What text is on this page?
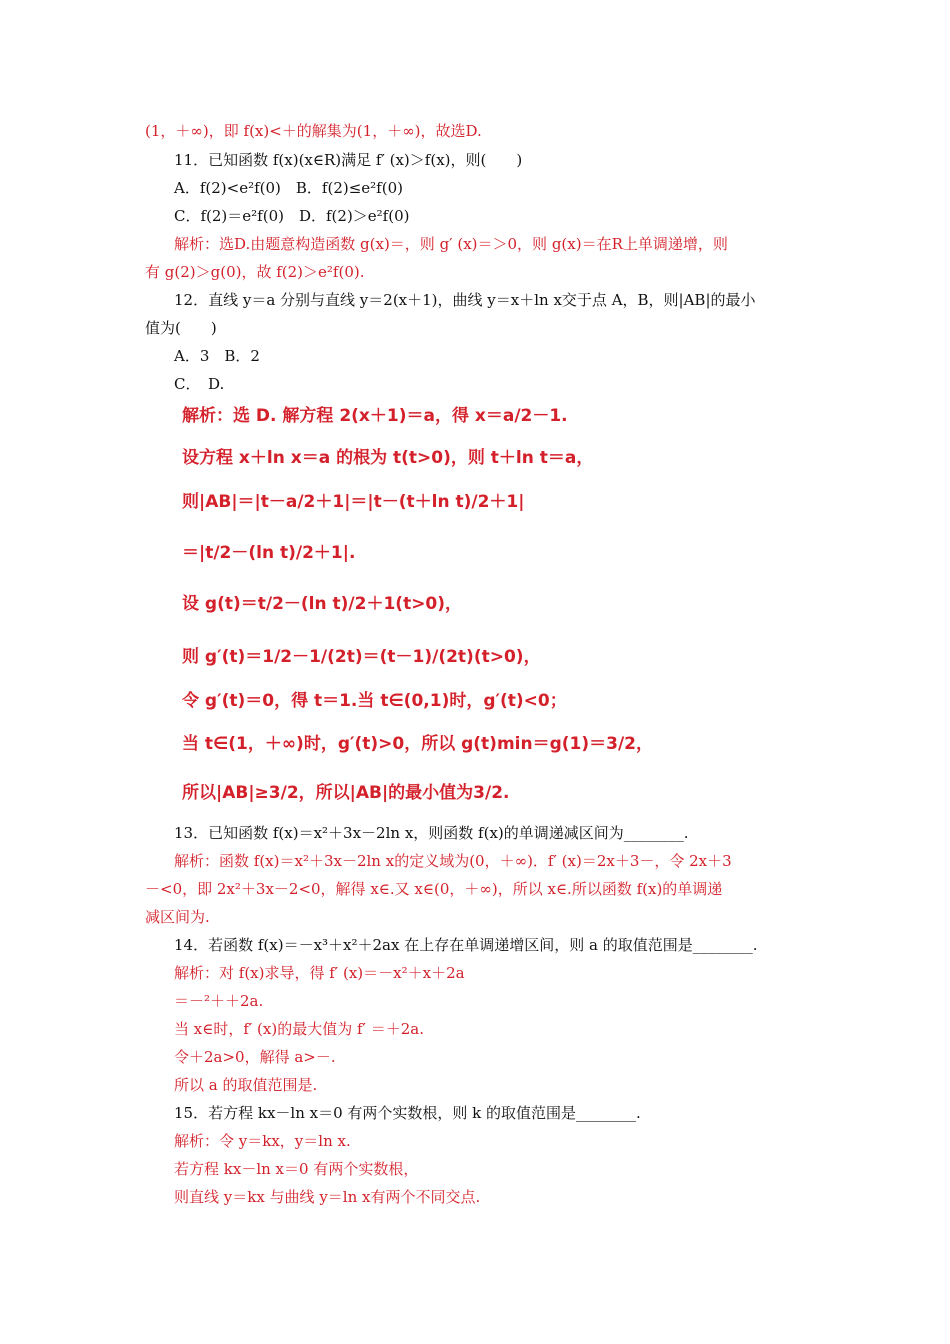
(1，＋∞)，即 f(x)<＋的解集为(1，＋∞)，故选D.
11．已知函数 f(x)(x∈R)满足 f′ (x)＞f(x)，则(　　)
A．f(2)<e²f(0)　B．f(2)≤e²f(0)
C．f(2)＝e²f(0)　D．f(2)＞e²f(0)
解析：选D.由题意构造函数 g(x)＝，则 g′ (x)＝＞0，则 g(x)＝在R上单调递增，则
有 g(2)＞g(0)，故 f(2)＞e²f(0).
12．直线 y＝a 分别与直线 y＝2(x＋1)，曲线 y＝x＋ln x交于点 A，B，则|AB|的最小
值为(　　)
A．3　B．2
C．　D.
13．已知函数 f(x)＝x²＋3x－2ln x，则函数 f(x)的单调递减区间为________.
解析：函数 f(x)＝x²＋3x－2ln x的定义域为(0，＋∞)．f′ (x)＝2x＋3－，令 2x＋3
－<0，即 2x²＋3x－2<0，解得 x∈.又 x∈(0，＋∞)，所以 x∈.所以函数 f(x)的单调递
减区间为.
14．若函数 f(x)＝－x³＋x²＋2ax 在上存在单调递增区间，则 a 的取值范围是________.
解析：对 f(x)求导，得 f′ (x)＝－x²＋x＋2a
＝－²＋＋2a.
当 x∈时，f′ (x)的最大值为 f′ ＝＋2a.
令＋2a>0，解得 a>－.
所以 a 的取值范围是.
15．若方程 kx－ln x＝0 有两个实数根，则 k 的取值范围是________.
解析：令 y＝kx，y＝ln x.
若方程 kx－ln x＝0 有两个实数根，
则直线 y＝kx 与曲线 y＝ln x有两个不同交点.
解析：选 D. 解方程 2(x＋1)＝a，得 x＝a/2－1.
设方程 x＋ln x＝a 的根为 t(t>0)，则 t＋ln t＝a，
则|AB|＝|t－a/2＋1|＝|t－(t＋ln t)/2＋1|
＝|t/2－(ln t)/2＋1|.
设 g(t)＝t/2－(ln t)/2＋1(t>0)，
则 g′(t)＝1/2－1/(2t)＝(t－1)/(2t)(t>0)，
令 g′(t)＝0，得 t＝1.当 t∈(0,1)时，g′(t)<0；
当 t∈(1，＋∞)时，g′(t)>0，所以 g(t)min＝g(1)＝3/2，
所以|AB|≥3/2，所以|AB|的最小值为3/2.
